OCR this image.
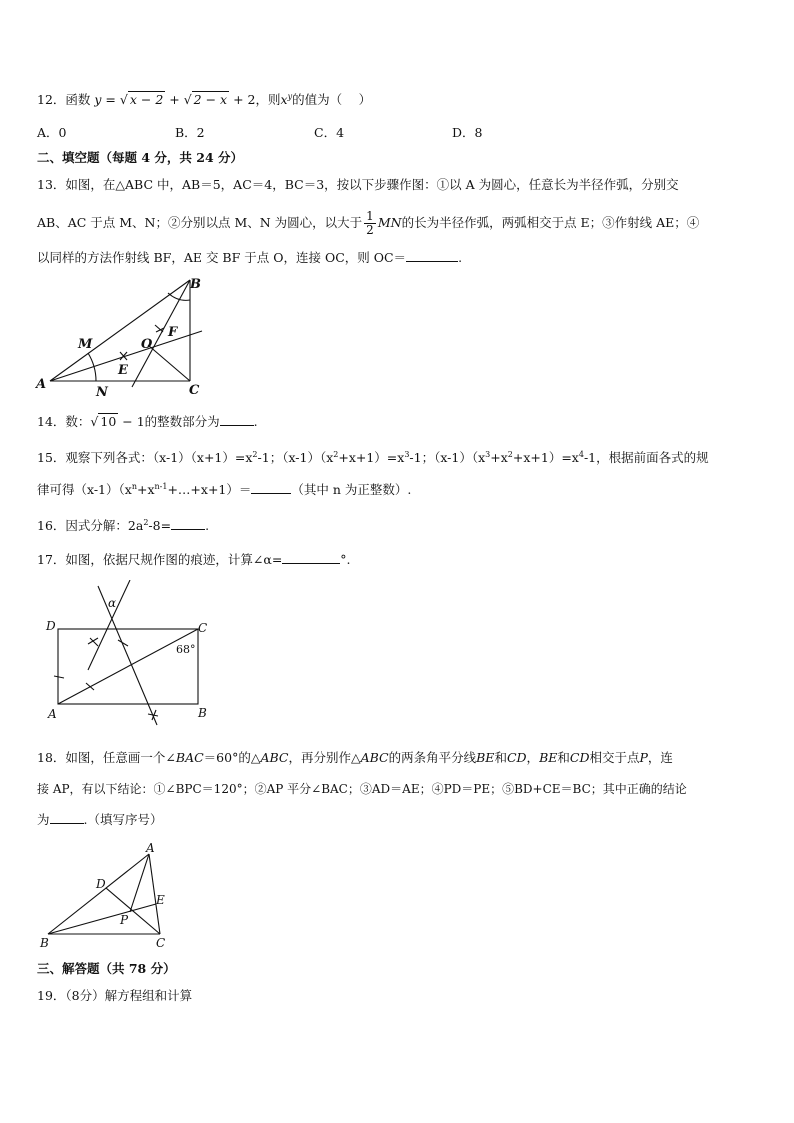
12．函数 y = √ x − 2 + √ 2 − x + 2，则$x^y$的值为（　 ）
A．0	B．2	C．4	D．8
二、填空题（每题 4 分，共 24 分）
13．如图，在△ABC 中，AB＝5，AC＝4，BC＝3，按以下步骤作图：①以 A 为圆心，任意长为半径作弧，分别交
AB、AC 于点 M、N；②分别以点 M、N 为圆心，以大于 $\frac{1}{2}$ MN的长为半径作弧，两弧相交于点 E；③作射线 AE；④
以同样的方法作射线 BF，AE 交 BF 于点 O，连接 OC，则 OC＝	.
A
B
C
M
N
E
F
O
14．数：√ 10 − 1的整数部分为	.
15．观察下列各式：$(x-1)(x+1)=x^2-1$；$(x-1)(x^2+x+1)=x^3-1$；$(x-1)(x^3+x^2+x+1)=x^4-1$，根据前面各式的规
律可得$(x-1)(x^n+x^{n-1}+\dots+x+1)=$	（其中 n 为正整数）.
16．因式分解：$2a^2-8=$	.
17．如图，依据尺规作图的痕迹，计算∠α=	°.
D	C
A	B
α
68°
18．如图，任意画一个∠BAC＝60°的△ABC，再分别作△ABC的两条角平分线BE和CD，BE和CD相交于点P，连
接 AP，有以下结论：①∠BPC＝120°；②AP 平分∠BAC；③AD＝AE；④PD＝PE；⑤BD+CE＝BC；其中正确的结论
为	.（填写序号）
A
B	C
D
E
P
三、解答题（共 78 分）
19．（8分）解方程组和计算
